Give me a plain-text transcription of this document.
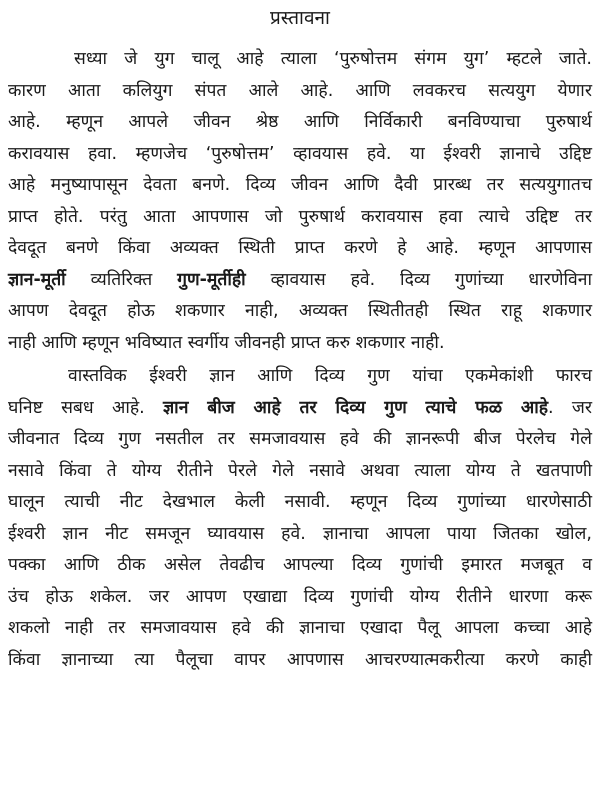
प्रस्तावना
सध्या जे युग चालू आहे त्याला ‘पुरुषोत्तम संगम युग’ म्हटले जाते.
कारण आता कलियुग संपत आले आहे. आणि लवकरच सत्ययुग येणार
आहे. म्हणून आपले जीवन श्रेष्ठ आणि निर्विकारी बनविण्याचा पुरुषार्थ
करावयास हवा. म्हणजेच ‘पुरुषोत्तम’ व्हावयास हवे. या ईश्वरी ज्ञानाचे उद्दिष्ट
आहे मनुष्यापासून देवता बनणे. दिव्य जीवन आणि दैवी प्रारब्ध तर सत्ययुगातच
प्राप्त होते. परंतु आता आपणास जो पुरुषार्थ करावयास हवा त्याचे उद्दिष्ट तर
देवदूत बनणे किंवा अव्यक्त स्थिती प्राप्त करणे हे आहे. म्हणून आपणास
ज्ञान-मूर्ती व्यतिरिक्त गुण-मूर्तीही व्हावयास हवे. दिव्य गुणांच्या धारणेविना
आपण देवदूत होऊ शकणार नाही, अव्यक्त स्थितीतही स्थित राहू शकणार
नाही आणि म्हणून भविष्यात स्वर्गीय जीवनही प्राप्त करु शकणार नाही.
वास्तविक ईश्वरी ज्ञान आणि दिव्य गुण यांचा एकमेकांशी फारच
घनिष्ट सबध आहे. ज्ञान बीज आहे तर दिव्य गुण त्याचे फळ आहे. जर
जीवनात दिव्य गुण नसतील तर समजावयास हवे की ज्ञानरूपी बीज पेरलेच गेले
नसावे किंवा ते योग्य रीतीने पेरले गेले नसावे अथवा त्याला योग्य ते खतपाणी
घालून त्याची नीट देखभाल केली नसावी. म्हणून दिव्य गुणांच्या धारणेसाठी
ईश्वरी ज्ञान नीट समजून घ्यावयास हवे. ज्ञानाचा आपला पाया जितका खोल,
पक्का आणि ठीक असेल तेवढीच आपल्या दिव्य गुणांची इमारत मजबूत व
उंच होऊ शकेल. जर आपण एखाद्या दिव्य गुणांची योग्य रीतीने धारणा करू
शकलो नाही तर समजावयास हवे की ज्ञानाचा एखादा पैलू आपला कच्चा आहे
किंवा ज्ञानाच्या त्या पैलूचा वापर आपणास आचरण्यात्मकरीत्या करणे काही
